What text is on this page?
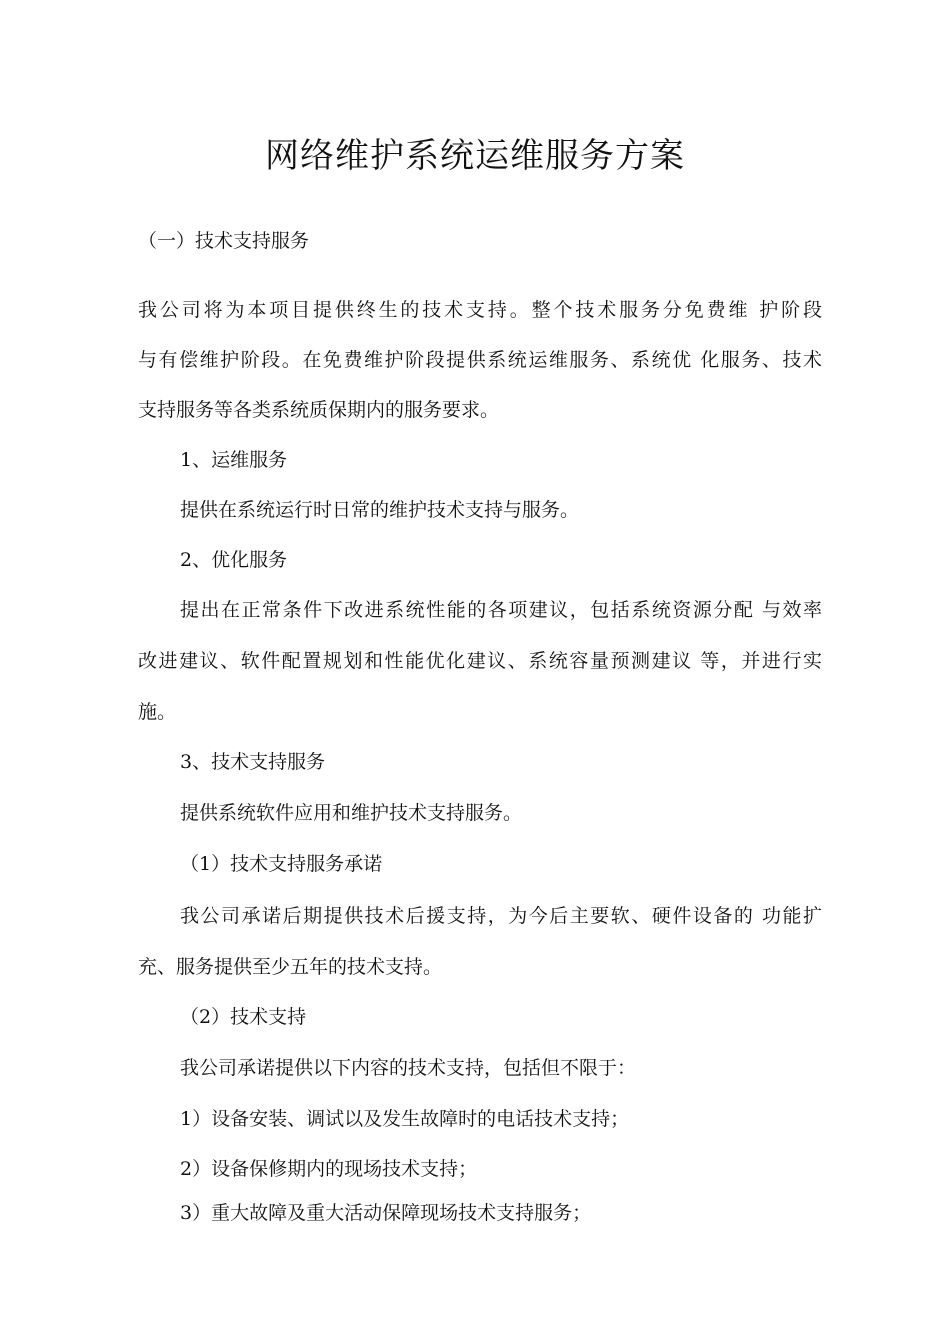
网络维护系统运维服务方案

（一）技术支持服务

我公司将为本项目提供终生的技术支持。整个技术服务分免费维 护阶段

与有偿维护阶段。在免费维护阶段提供系统运维服务、系统优 化服务、技术

支持服务等各类系统质保期内的服务要求。

1、运维服务

提供在系统运行时日常的维护技术支持与服务。

2、优化服务

提出在正常条件下改进系统性能的各项建议，包括系统资源分配 与效率

改进建议、软件配置规划和性能优化建议、系统容量预测建议 等，并进行实

施。

3、技术支持服务

提供系统软件应用和维护技术支持服务。

（1）技术支持服务承诺

我公司承诺后期提供技术后援支持，为今后主要软、硬件设备的 功能扩

充、服务提供至少五年的技术支持。

（2）技术支持

我公司承诺提供以下内容的技术支持，包括但不限于：

1）设备安装、调试以及发生故障时的电话技术支持；

2）设备保修期内的现场技术支持；

3）重大故障及重大活动保障现场技术支持服务；
